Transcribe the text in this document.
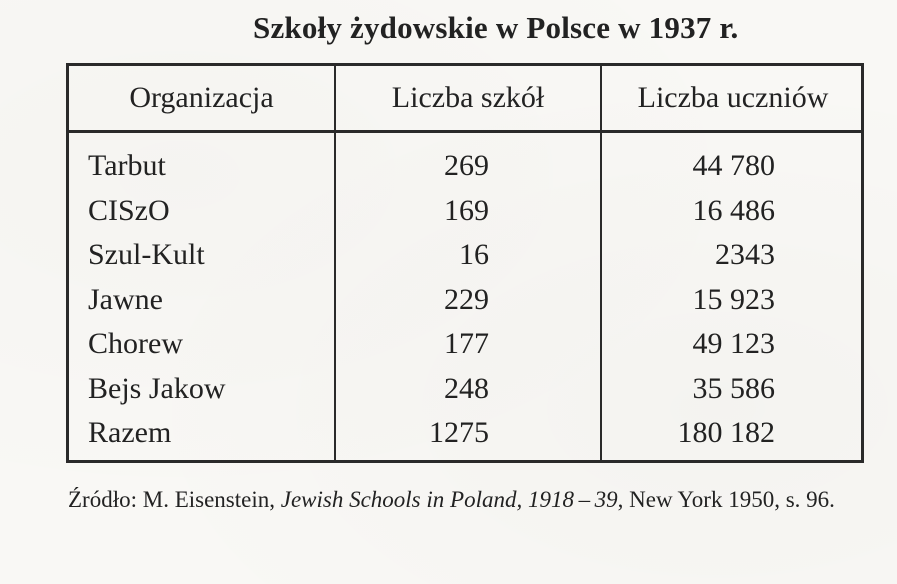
Szkoły żydowskie w Polsce w 1937 r.
Organizacja	Liczba szkół	Liczba uczniów
Tarbut	269	44 780
CISzO	169	16 486
Szul-Kult	16	2343
Jawne	229	15 923
Chorew	177	49 123
Bejs Jakow	248	35 586
Razem	1275	180 182
Źródło: M. Eisenstein, Jewish Schools in Poland, 1918 – 39, New York 1950, s. 96.
